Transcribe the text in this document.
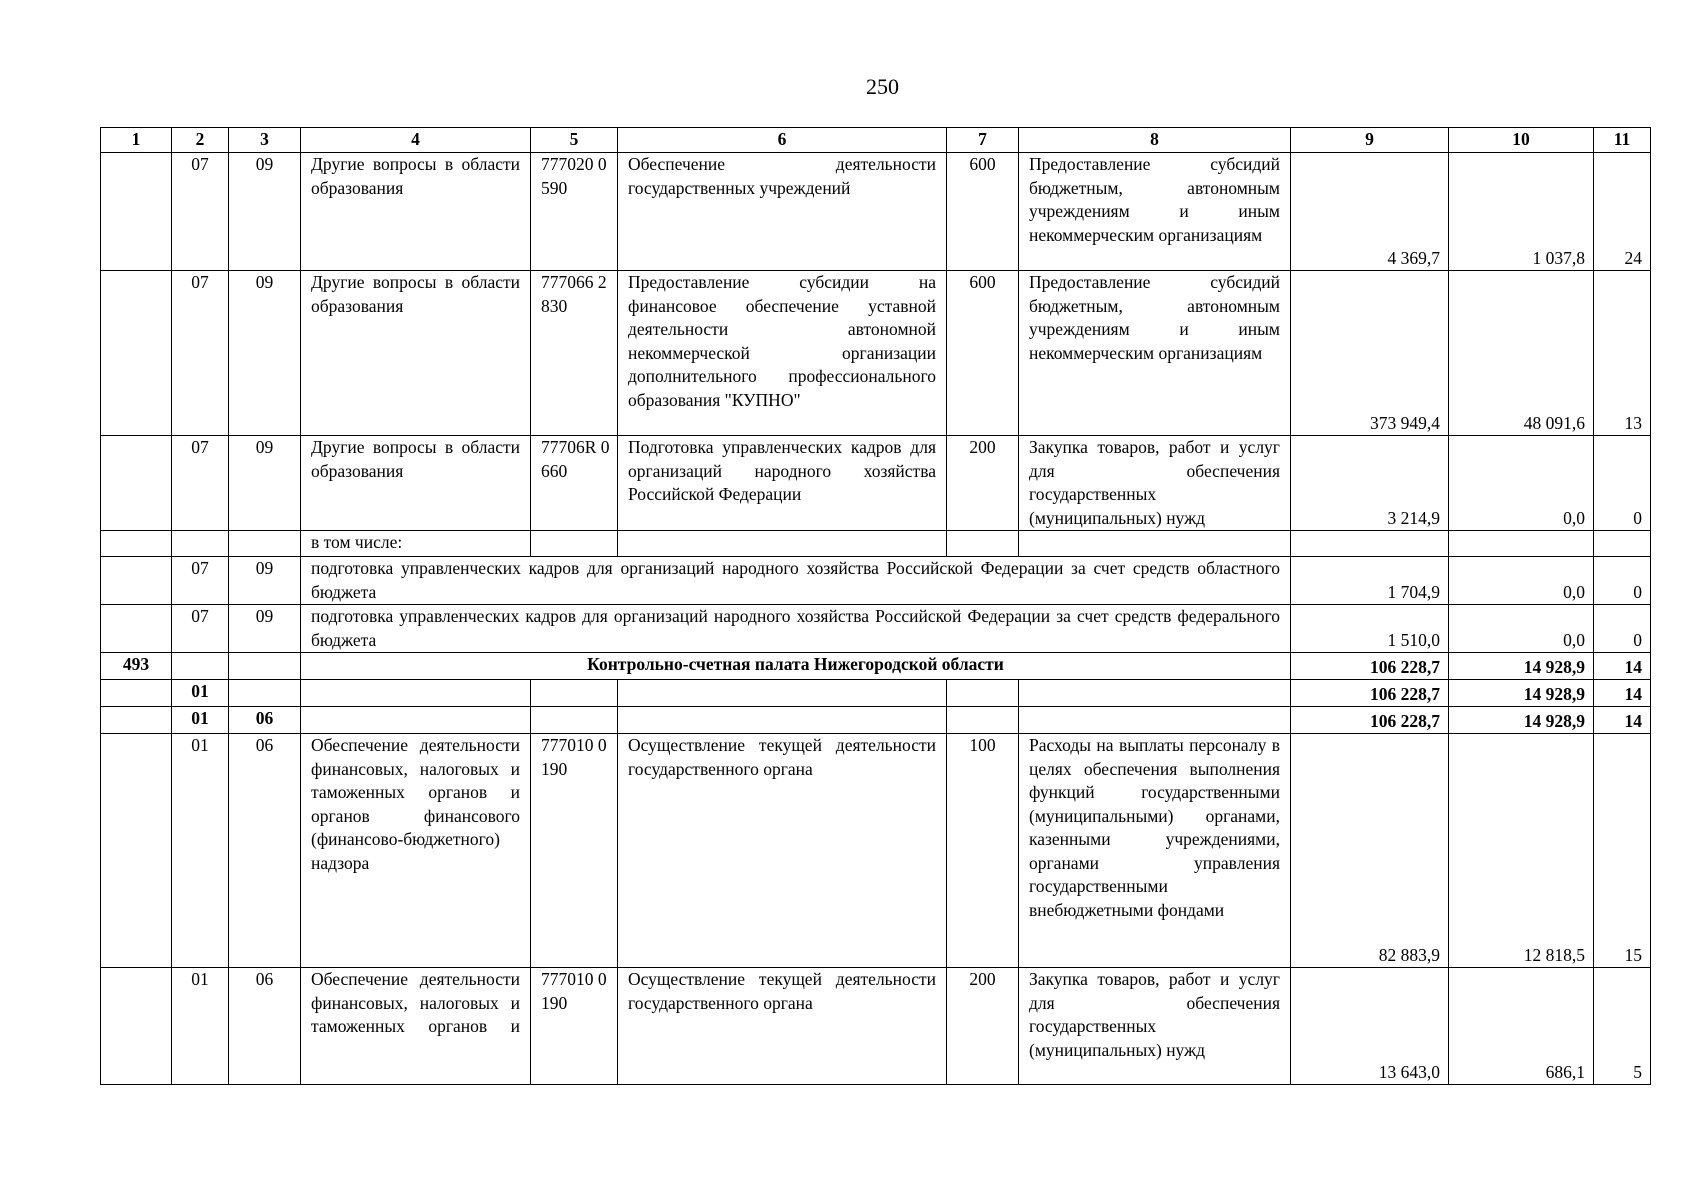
250
1	2	3	4	5	6	7	8	9	10	11
	07	09	Другие вопросы в области образования	777020 0590	Обеспечение деятельности государственных учреждений	600	Предоставление субсидий бюджетным, автономным учреждениям и иным некоммерческим организациям	4 369,7	1 037,8	24
	07	09	Другие вопросы в области образования	777066 2830	Предоставление субсидии на финансовое обеспечение уставной деятельности автономной некоммерческой организации дополнительного профессионального образования "КУПНО"	600	Предоставление субсидий бюджетным, автономным учреждениям и иным некоммерческим организациям	373 949,4	48 091,6	13
	07	09	Другие вопросы в области образования	77706R 0660	Подготовка управленческих кадров для организаций народного хозяйства Российской Федерации	200	Закупка товаров, работ и услуг для обеспечения государственных (муниципальных) нужд	3 214,9	0,0	0
			в том числе:							
	07	09	подготовка управленческих кадров для организаций народного хозяйства Российской Федерации за счет средств областного бюджета					1 704,9	0,0	0
	07	09	подготовка управленческих кадров для организаций народного хозяйства Российской Федерации за счет средств федерального бюджета					1 510,0	0,0	0
493			Контрольно-счетная палата Нижегородской области					106 228,7	14 928,9	14
	01							106 228,7	14 928,9	14
	01	06						106 228,7	14 928,9	14
	01	06	Обеспечение деятельности финансовых, налоговых и таможенных органов и органов финансового (финансово-бюджетного) надзора	777010 0190	Осуществление текущей деятельности государственного органа	100	Расходы на выплаты персоналу в целях обеспечения выполнения функций государственными (муниципальными) органами, казенными учреждениями, органами управления государственными внебюджетными фондами	82 883,9	12 818,5	15
	01	06	Обеспечение деятельности финансовых, налоговых и таможенных органов и	777010 0190	Осуществление текущей деятельности государственного органа	200	Закупка товаров, работ и услуг для обеспечения государственных (муниципальных) нужд	13 643,0	686,1	5
